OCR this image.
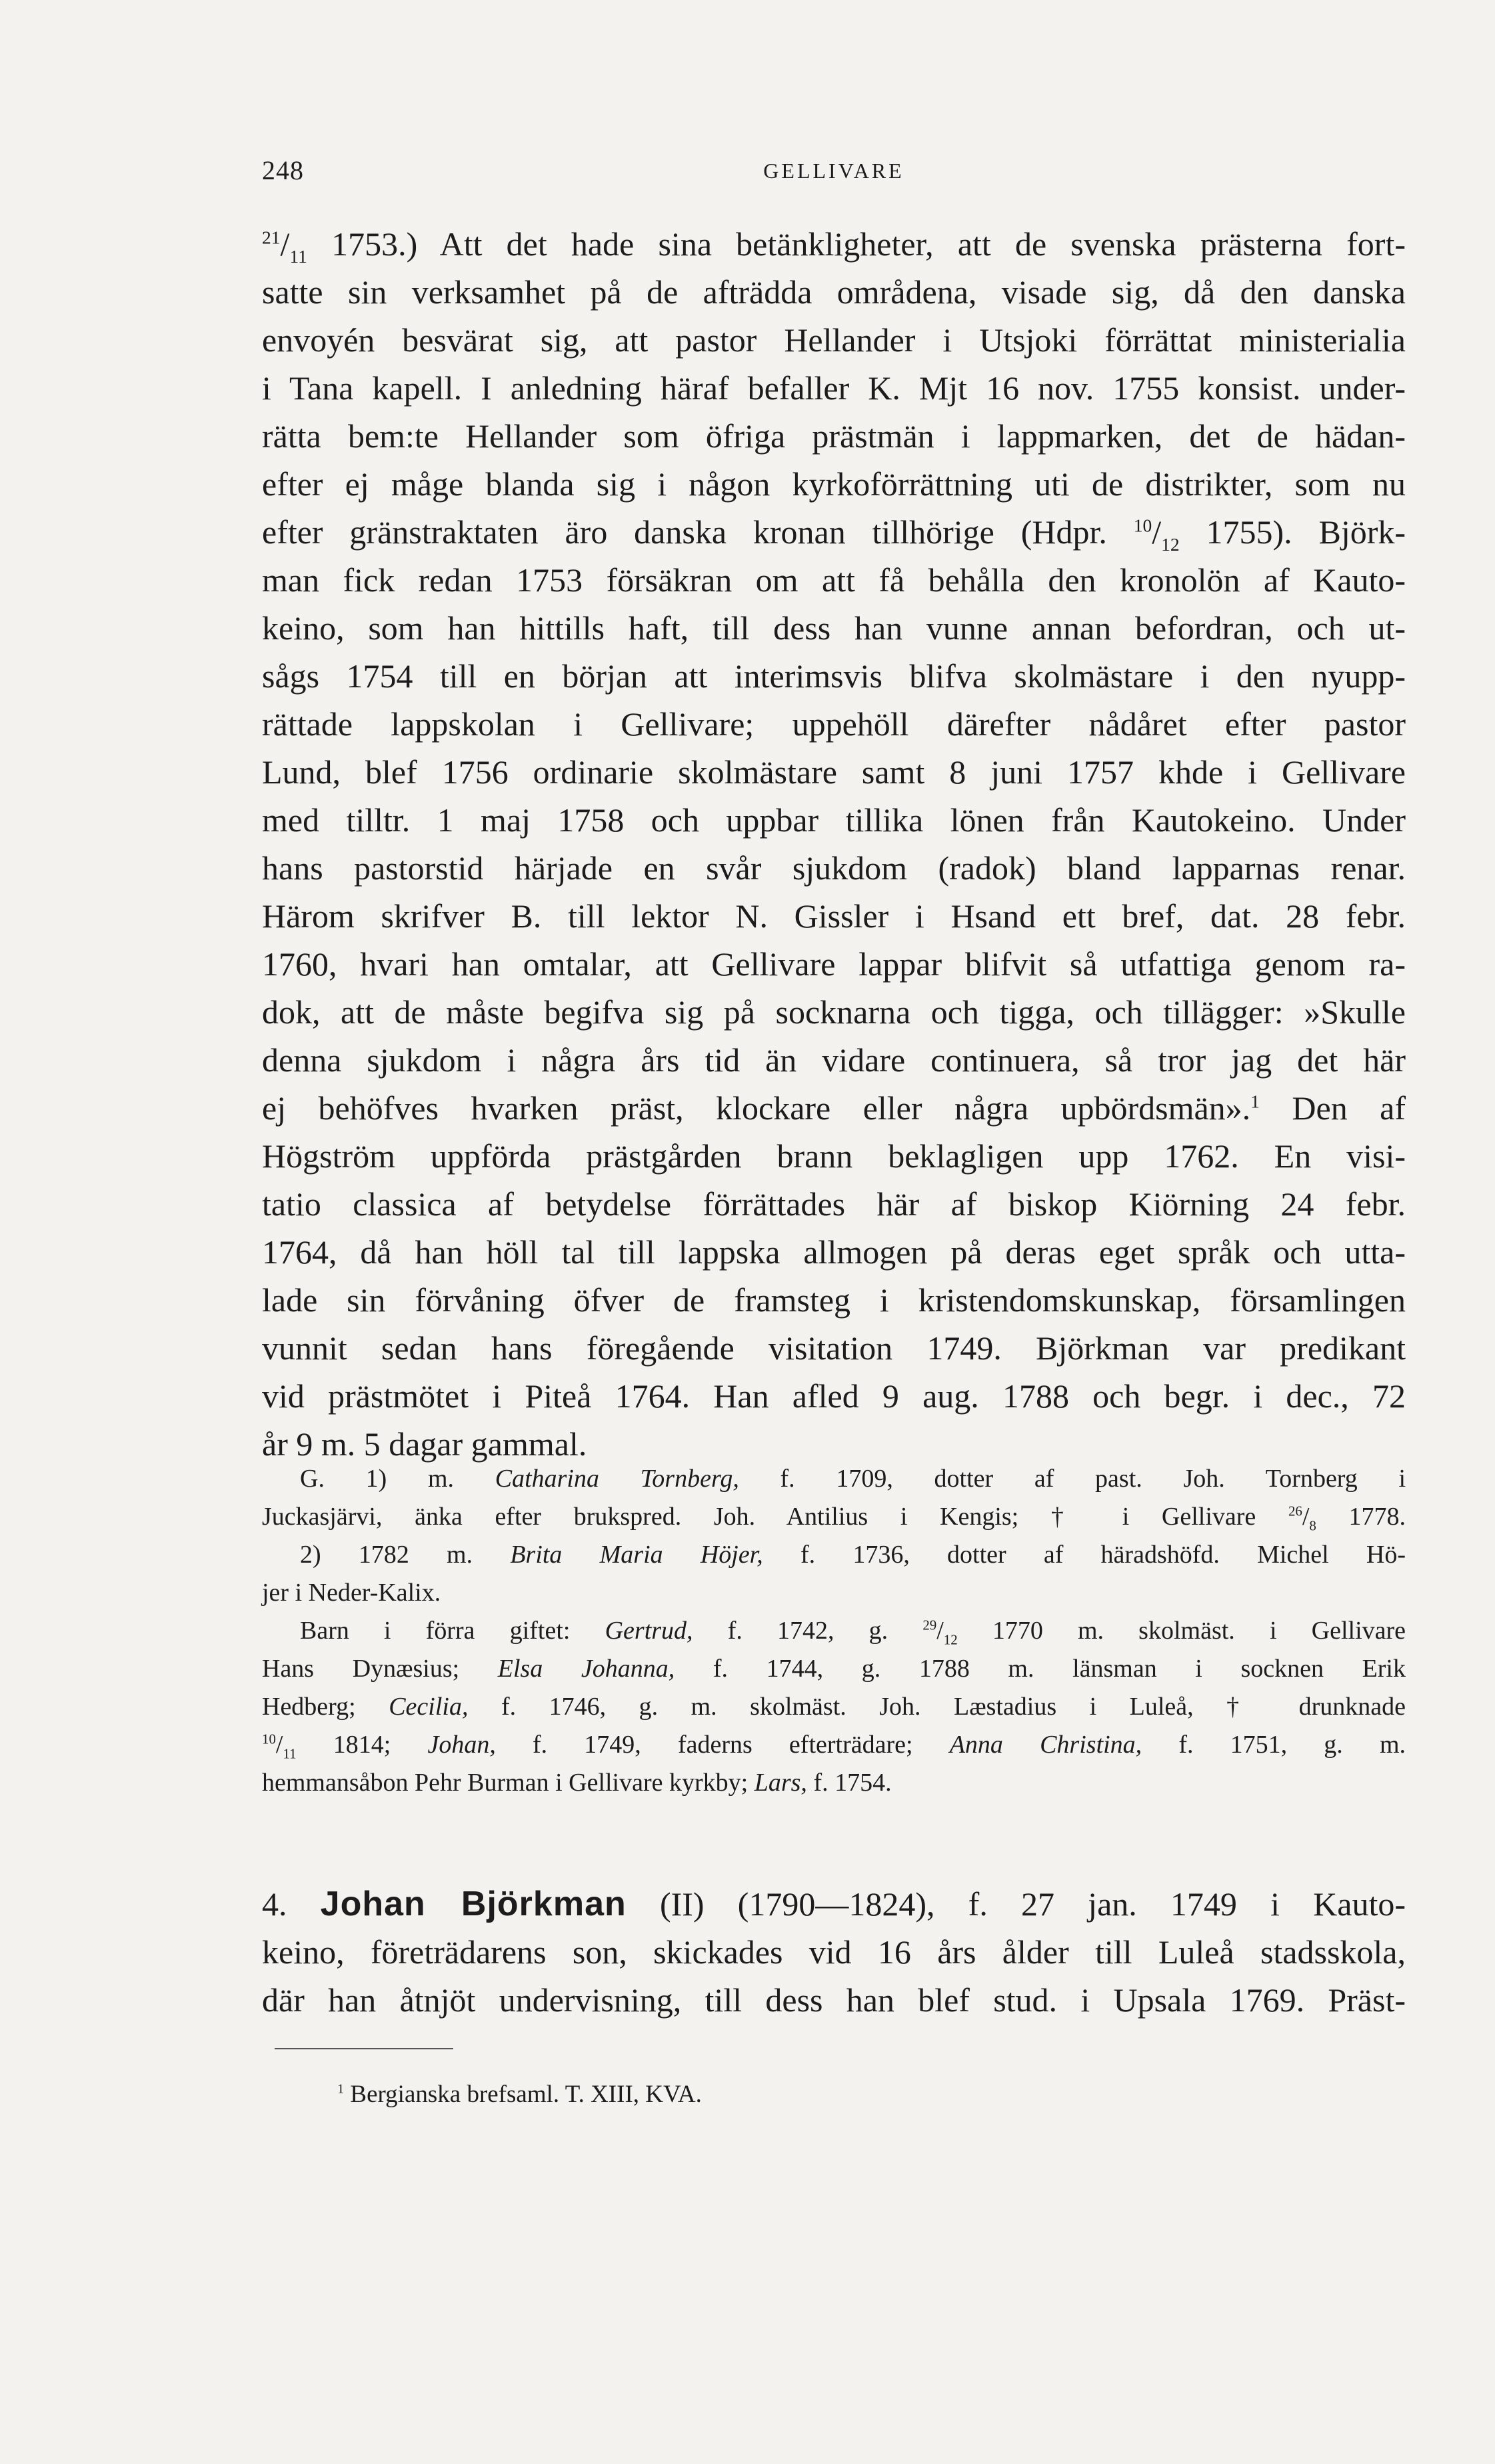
248	GELLIVARE
$^{21}/_{11}$ 1753.) Att det hade sina betänkligheter, att de svenska prästerna fort-
satte sin verksamhet på de afträdda områdena, visade sig, då den danska
envoyén besvärat sig, att pastor Hellander i Utsjoki förrättat ministerialia
i Tana kapell. I anledning häraf befaller K. Mjt 16 nov. 1755 konsist. under-
rätta bem:te Hellander som öfriga prästmän i lappmarken, det de hädan-
efter ej måge blanda sig i någon kyrkoförrättning uti de distrikter, som nu
efter gränstraktaten äro danska kronan tillhörige (Hdpr. $^{10}/_{12}$ 1755). Björk-
man fick redan 1753 försäkran om att få behålla den kronolön af Kauto-
keino, som han hittills haft, till dess han vunne annan befordran, och ut-
sågs 1754 till en början att interimsvis blifva skolmästare i den nyupp-
rättade lappskolan i Gellivare; uppehöll därefter nådåret efter pastor
Lund, blef 1756 ordinarie skolmästare samt 8 juni 1757 khde i Gellivare
med tilltr. 1 maj 1758 och uppbar tillika lönen från Kautokeino. Under
hans pastorstid härjade en svår sjukdom (radok) bland lapparnas renar.
Härom skrifver B. till lektor N. Gissler i Hsand ett bref, dat. 28 febr.
1760, hvari han omtalar, att Gellivare lappar blifvit så utfattiga genom ra-
dok, att de måste begifva sig på socknarna och tigga, och tillägger: »Skulle
denna sjukdom i några års tid än vidare continuera, så tror jag det här
ej behöfves hvarken präst, klockare eller några upbördsmän».$^1$ Den af
Högström uppförda prästgården brann beklagligen upp 1762. En visi-
tatio classica af betydelse förrättades här af biskop Kiörning 24 febr.
1764, då han höll tal till lappska allmogen på deras eget språk och utta-
lade sin förvåning öfver de framsteg i kristendomskunskap, församlingen
vunnit sedan hans föregående visitation 1749. Björkman var predikant
vid prästmötet i Piteå 1764. Han afled 9 aug. 1788 och begr. i dec., 72
år 9 m. 5 dagar gammal.
G. 1) m. Catharina Tornberg, f. 1709, dotter af past. Joh. Tornberg i
Juckasjärvi, änka efter brukspred. Joh. Antilius i Kengis; † i Gellivare $^{26}/_8$ 1778.
2) 1782 m. Brita Maria Höjer, f. 1736, dotter af häradshöfd. Michel Hö-
jer i Neder-Kalix.
Barn i förra giftet: Gertrud, f. 1742, g. $^{29}/_{12}$ 1770 m. skolmäst. i Gellivare
Hans Dynæsius; Elsa Johanna, f. 1744, g. 1788 m. länsman i socknen Erik
Hedberg; Cecilia, f. 1746, g. m. skolmäst. Joh. Læstadius i Luleå, † drunknade
$^{10}/_{11}$ 1814; Johan, f. 1749, faderns efterträdare; Anna Christina, f. 1751, g. m.
hemmansåbon Pehr Burman i Gellivare kyrkby; Lars, f. 1754.
4. Johan Björkman (II) (1790—1824), f. 27 jan. 1749 i Kauto-
keino, företrädarens son, skickades vid 16 års ålder till Luleå stadsskola,
där han åtnjöt undervisning, till dess han blef stud. i Upsala 1769. Präst-
$^1$ Bergianska brefsaml. T. XIII, KVA.
